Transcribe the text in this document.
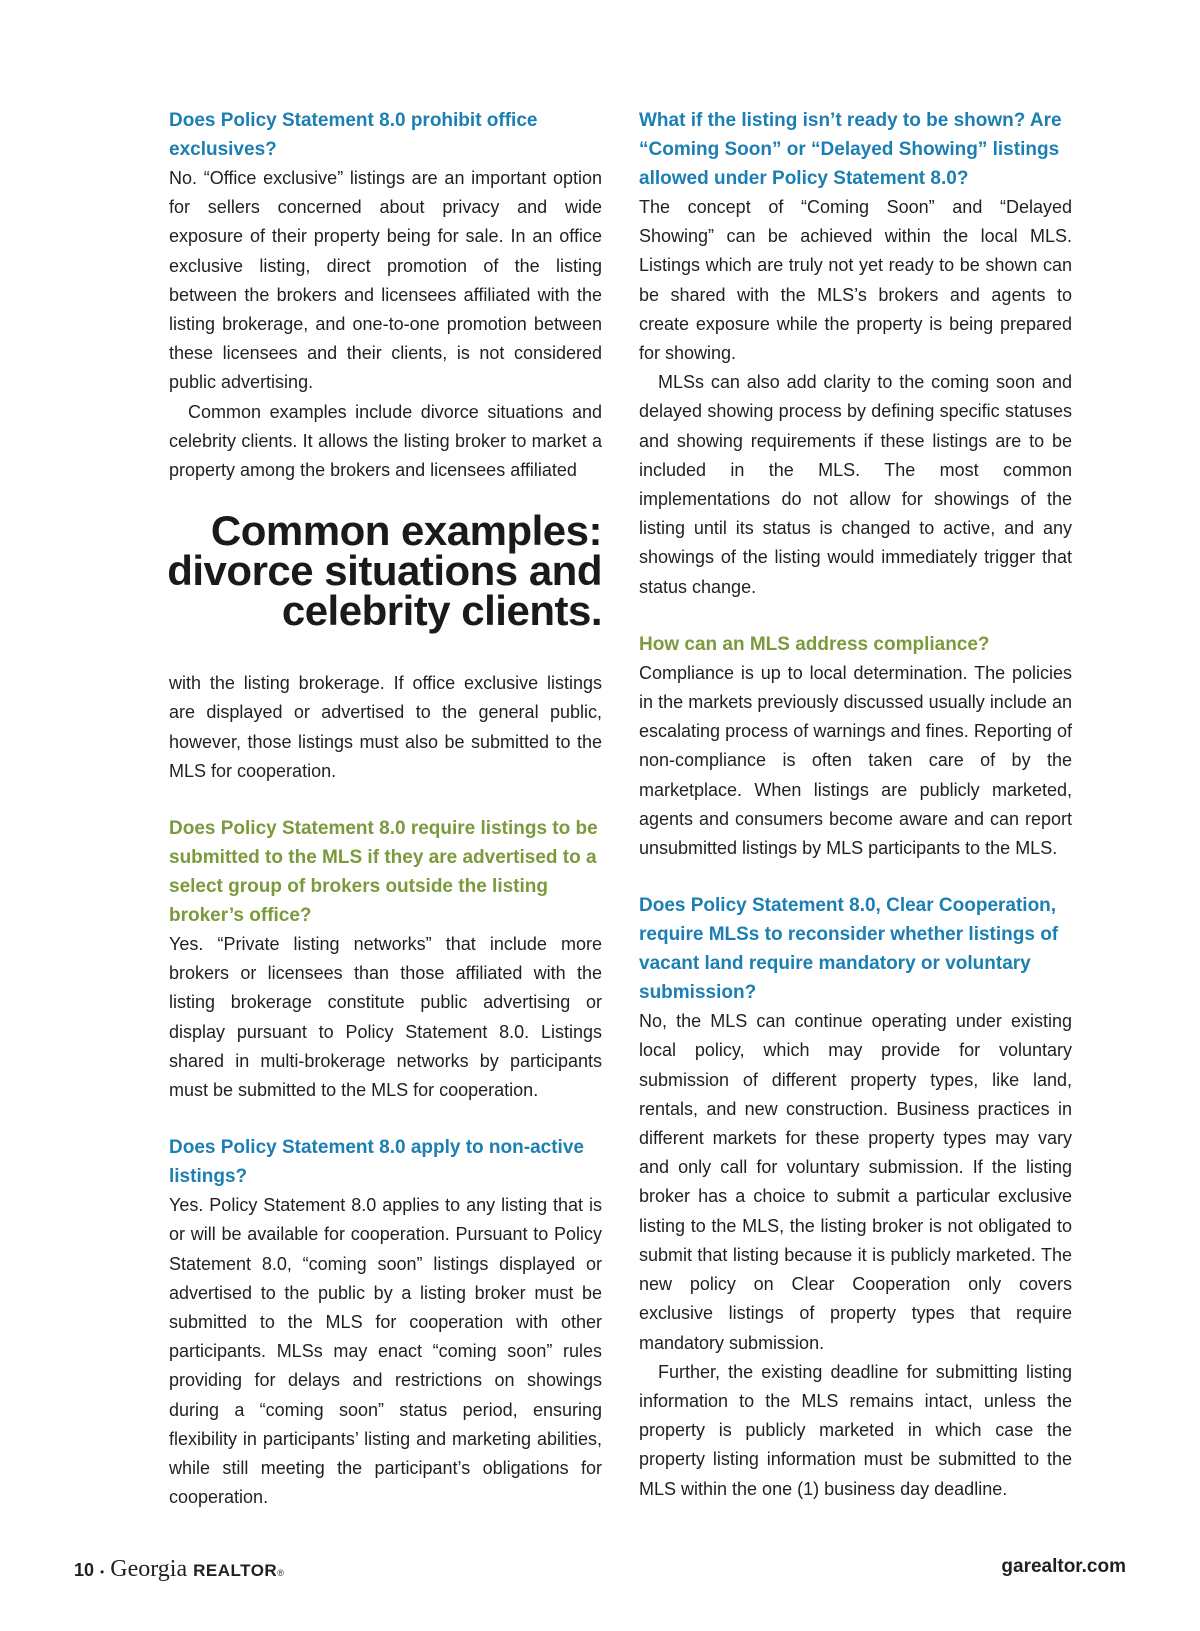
Does Policy Statement 8.0 prohibit office exclusives?

No. “Office exclusive” listings are an important option for sellers concerned about privacy and wide exposure of their property being for sale. In an office exclusive listing, direct promotion of the listing between the brokers and licensees affiliated with the listing brokerage, and one-to-one promotion between these licensees and their clients, is not considered public advertising.

Common examples include divorce situations and celebrity clients. It allows the listing broker to market a property among the brokers and licensees affiliated

Common examples: divorce situations and celebrity clients.

with the listing brokerage. If office exclusive listings are displayed or advertised to the general public, however, those listings must also be submitted to the MLS for cooperation.

Does Policy Statement 8.0 require listings to be submitted to the MLS if they are advertised to a select group of brokers outside the listing broker’s office?

Yes. “Private listing networks” that include more brokers or licensees than those affiliated with the listing brokerage constitute public advertising or display pursuant to Policy Statement 8.0. Listings shared in multi-brokerage networks by participants must be submitted to the MLS for cooperation.

Does Policy Statement 8.0 apply to non-active listings?

Yes. Policy Statement 8.0 applies to any listing that is or will be available for cooperation. Pursuant to Policy Statement 8.0, “coming soon” listings displayed or advertised to the public by a listing broker must be submitted to the MLS for cooperation with other participants. MLSs may enact “coming soon” rules providing for delays and restrictions on showings during a “coming soon” status period, ensuring flexibility in participants’ listing and marketing abilities, while still meeting the participant’s obligations for cooperation.

What if the listing isn’t ready to be shown? Are “Coming Soon” or “Delayed Showing” listings allowed under Policy Statement 8.0?

The concept of “Coming Soon” and “Delayed Showing” can be achieved within the local MLS. Listings which are truly not yet ready to be shown can be shared with the MLS’s brokers and agents to create exposure while the property is being prepared for showing.

MLSs can also add clarity to the coming soon and delayed showing process by defining specific statuses and showing requirements if these listings are to be included in the MLS. The most common implementations do not allow for showings of the listing until its status is changed to active, and any showings of the listing would immediately trigger that status change.

How can an MLS address compliance?

Compliance is up to local determination. The policies in the markets previously discussed usually include an escalating process of warnings and fines. Reporting of non-compliance is often taken care of by the marketplace. When listings are publicly marketed, agents and consumers become aware and can report unsubmitted listings by MLS participants to the MLS.

Does Policy Statement 8.0, Clear Cooperation, require MLSs to reconsider whether listings of vacant land require mandatory or voluntary submission?

No, the MLS can continue operating under existing local policy, which may provide for voluntary submission of different property types, like land, rentals, and new construction. Business practices in different markets for these property types may vary and only call for voluntary submission. If the listing broker has a choice to submit a particular exclusive listing to the MLS, the listing broker is not obligated to submit that listing because it is publicly marketed. The new policy on Clear Cooperation only covers exclusive listings of property types that require mandatory submission.

Further, the existing deadline for submitting listing information to the MLS remains intact, unless the property is publicly marketed in which case the property listing information must be submitted to the MLS within the one (1) business day deadline.

10 • Georgia REALTOR ®	garealtor.com
